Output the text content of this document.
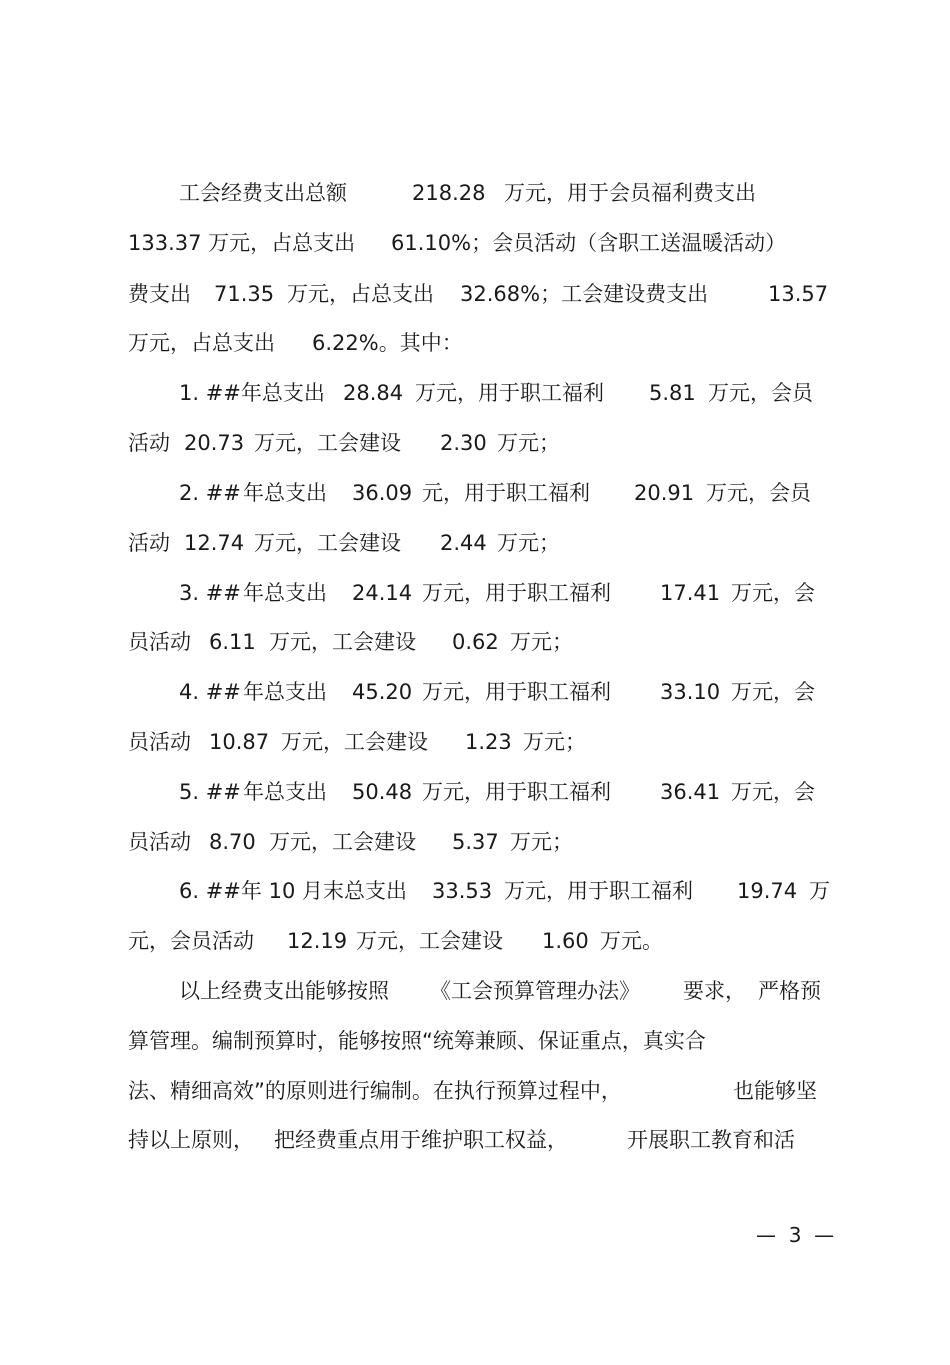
工会经费支出总额

	218.28

万元，用于会员福利费支出

133.37 万元，占总支出

61.10%；会员活动（含职工送温暖活动）

费支出

71.35

万元，占总支出

32.68%；工会建设费支出

	13.57

万元，占总支出

6.22%。其中：

1. ##年总支出

28.84

万元，用于职工福利

5.81

万元，会员

活动

20.73

万元，工会建设

2.30

万元；

2. ##

年总支出

36.09

元，用于职工福利

20.91

万元，会员

活动

12.74

万元，工会建设

2.44

万元；

3. ##

年总支出

24.14

万元，用于职工福利

17.41

万元，会

员活动

6.11

万元，工会建设

0.62

万元；

4. ##

年总支出

45.20

万元，用于职工福利

33.10

万元，会

员活动

10.87

万元，工会建设

1.23

万元；

5. ##

年总支出

50.48

万元，用于职工福利

36.41

万元，会

员活动

8.70

万元，工会建设

5.37

万元；

6. ##年 10 月末总支出

33.53

万元，用于职工福利

19.74

万

元，会员活动

12.19

万元，工会建设

1.60

万元。

以上经费支出能够按照

《工会预算管理办法》

要求，

严格预

算管理。编制预算时，能够按照“统筹兼顾、保证重点，真实合

法、精细高效”的原则进行编制。在执行预算过程中，

	也能够坚

持以上原则，

把经费重点用于维护职工权益，

	开展职工教育和活

—  3  —
